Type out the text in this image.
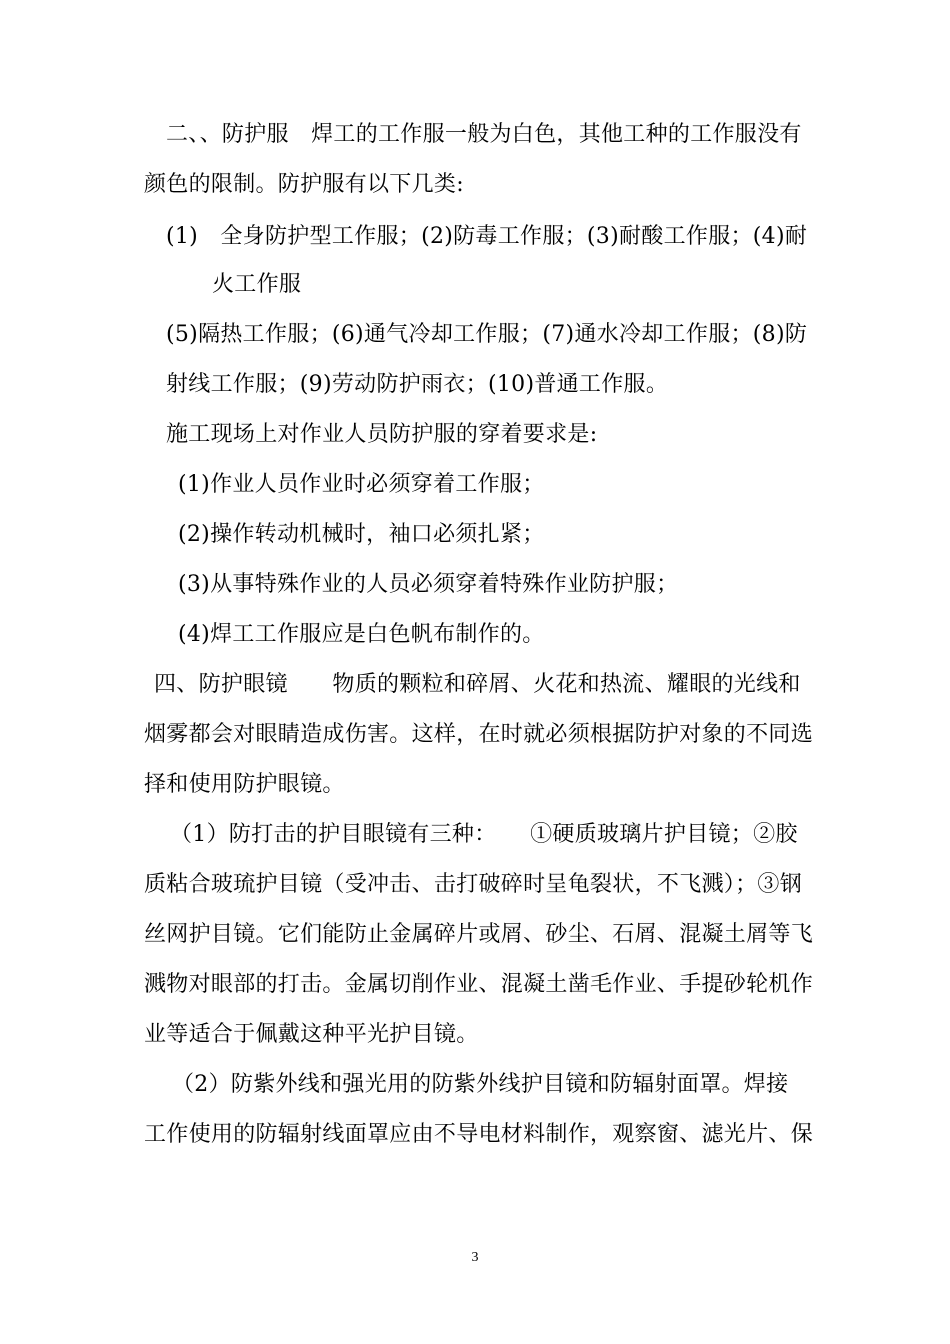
二、、防护服　焊工的工作服一般为白色，其他工种的工作服没有
颜色的限制。防护服有以下几类:
(1)　全身防护型工作服；(2)防毒工作服；(3)耐酸工作服；(4)耐
火工作服
(5)隔热工作服；(6)通气冷却工作服；(7)通水冷却工作服；(8)防
射线工作服；(9)劳动防护雨衣；(10)普通工作服。
施工现场上对作业人员防护服的穿着要求是:
(1)作业人员作业时必须穿着工作服；
(2)操作转动机械时，袖口必须扎紧；
(3)从事特殊作业的人员必须穿着特殊作业防护服；
(4)焊工工作服应是白色帆布制作的。
四、防护眼镜　　物质的颗粒和碎屑、火花和热流、耀眼的光线和
烟雾都会对眼睛造成伤害。这样，在时就必须根据防护对象的不同选
择和使用防护眼镜。
（1）防打击的护目眼镜有三种：　　①硬质玻璃片护目镜；②胶
质粘合玻琉护目镜（受冲击、击打破碎时呈龟裂状，不飞溅）；③钢
丝网护目镜。它们能防止金属碎片或屑、砂尘、石屑、混凝土屑等飞
溅物对眼部的打击。金属切削作业、混凝土凿毛作业、手提砂轮机作
业等适合于佩戴这种平光护目镜。
（2）防紫外线和强光用的防紫外线护目镜和防辐射面罩。焊接
工作使用的防辐射线面罩应由不导电材料制作，观察窗、滤光片、保
3
